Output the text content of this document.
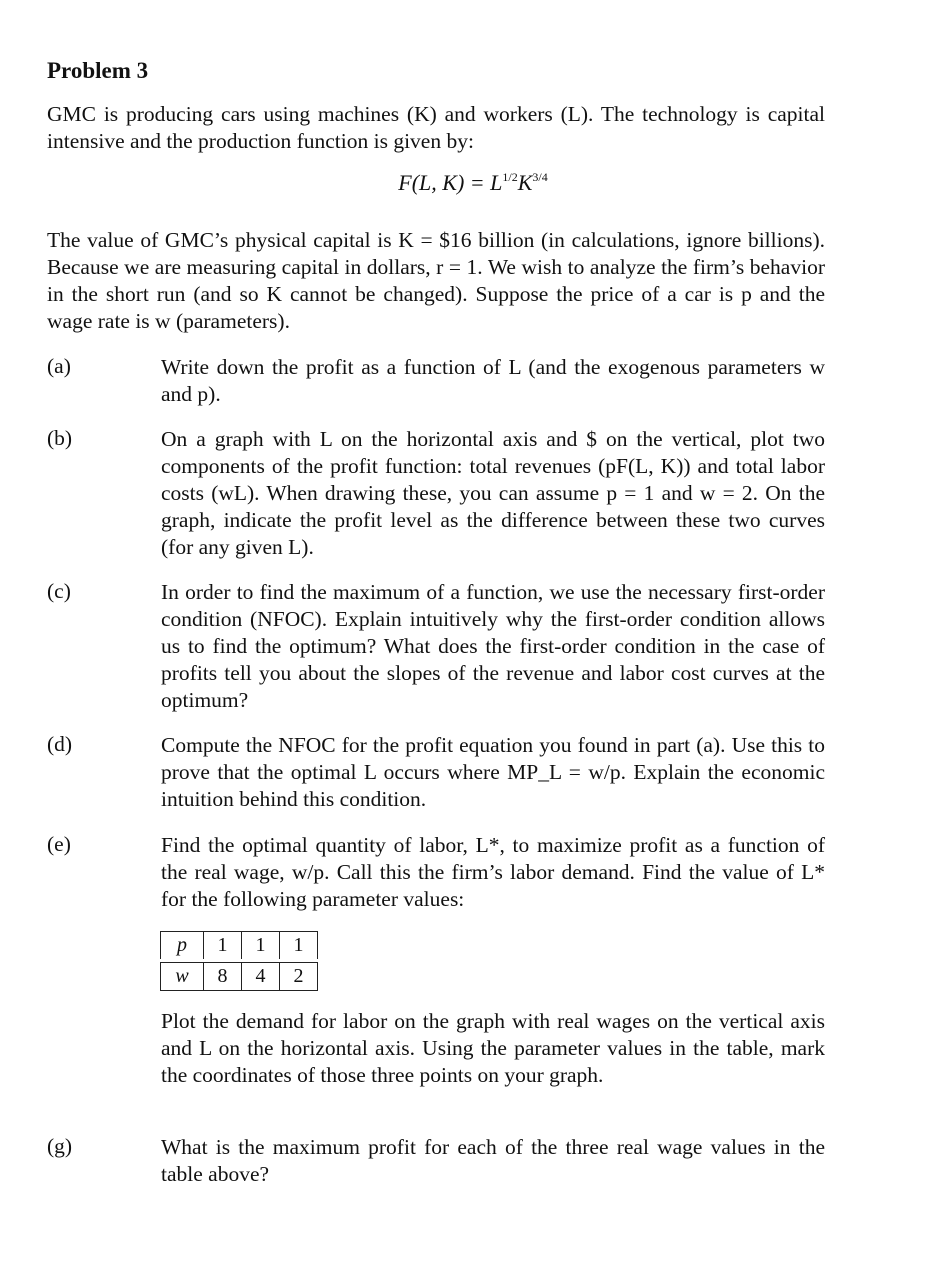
Problem 3
GMC is producing cars using machines (K) and workers (L). The technology is capital intensive and the production function is given by:
F(L, $K) = L^{1/2}K^{3/4}$
The value of GMC’s physical capital is K = $16 billion (in calculations, ignore billions). Because we are measuring capital in dollars, r = 1. We wish to analyze the firm’s behavior in the short run (and so K cannot be changed). Suppose the price of a car is p and the wage rate is w (parameters).
(a)	Write down the profit as a function of L (and the exogenous parameters w and p).
(b)	On a graph with L on the horizontal axis and $ on the vertical, plot two components of the profit function: total revenues (pF(L, K)) and total labor costs (wL). When drawing these, you can assume p = 1 and w = 2. On the graph, indicate the profit level as the difference between these two curves (for any given L).
(c)	In order to find the maximum of a function, we use the necessary first-order condition (NFOC). Explain intuitively why the first-order condition allows us to find the optimum? What does the first-order condition in the case of profits tell you about the slopes of the revenue and labor cost curves at the optimum?
(d)	Compute the NFOC for the profit equation you found in part (a). Use this to prove that the optimal L occurs where MP_L = w/p. Explain the economic intuition behind this condition.
(e)	Find the optimal quantity of labor, L*, to maximize profit as a function of the real wage, w/p. Call this the firm’s labor demand. Find the value of L* for the following parameter values:
p	1	1	1

w	8	4	2
Plot the demand for labor on the graph with real wages on the vertical axis and L on the horizontal axis. Using the parameter values in the table, mark the coordinates of those three points on your graph.
(g)	What is the maximum profit for each of the three real wage values in the table above?
